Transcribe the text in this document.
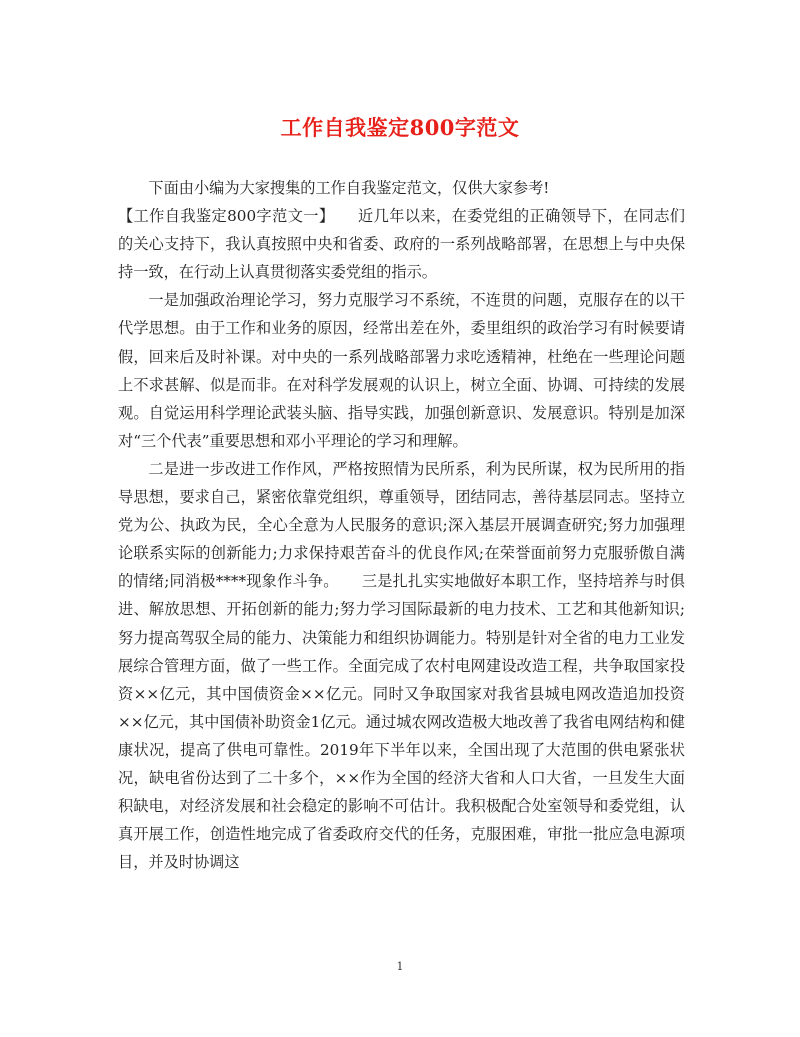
工作自我鉴定800字范文

下面由小编为大家搜集的工作自我鉴定范文，仅供大家参考!

【工作自我鉴定800字范文一】　　近几年以来，在委党组的正确领导下，在同志们的关心支持下，我认真按照中央和省委、政府的一系列战略部署，在思想上与中央保持一致，在行动上认真贯彻落实委党组的指示。

一是加强政治理论学习，努力克服学习不系统，不连贯的问题，克服存在的以干代学思想。由于工作和业务的原因，经常出差在外，委里组织的政治学习有时候要请假，回来后及时补课。对中央的一系列战略部署力求吃透精神，杜绝在一些理论问题上不求甚解、似是而非。在对科学发展观的认识上，树立全面、协调、可持续的发展观。自觉运用科学理论武装头脑、指导实践，加强创新意识、发展意识。特别是加深对“三个代表”重要思想和邓小平理论的学习和理解。

二是进一步改进工作作风，严格按照情为民所系，利为民所谋，权为民所用的指导思想，要求自己，紧密依靠党组织，尊重领导，团结同志，善待基层同志。坚持立党为公、执政为民，全心全意为人民服务的意识;深入基层开展调查研究;努力加强理论联系实际的创新能力;力求保持艰苦奋斗的优良作风;在荣誉面前努力克服骄傲自满的情绪;同消极****现象作斗争。　　三是扎扎实实地做好本职工作，坚持培养与时俱进、解放思想、开拓创新的能力;努力学习国际最新的电力技术、工艺和其他新知识;努力提高驾驭全局的能力、决策能力和组织协调能力。特别是针对全省的电力工业发展综合管理方面，做了一些工作。全面完成了农村电网建设改造工程，共争取国家投资××亿元，其中国债资金××亿元。同时又争取国家对我省县城电网改造追加投资××亿元，其中国债补助资金1亿元。通过城农网改造极大地改善了我省电网结构和健康状况，提高了供电可靠性。2019年下半年以来，全国出现了大范围的供电紧张状况，缺电省份达到了二十多个，××作为全国的经济大省和人口大省，一旦发生大面积缺电，对经济发展和社会稳定的影响不可估计。我积极配合处室领导和委党组，认真开展工作，创造性地完成了省委政府交代的任务，克服困难，审批一批应急电源项目，并及时协调这

1
